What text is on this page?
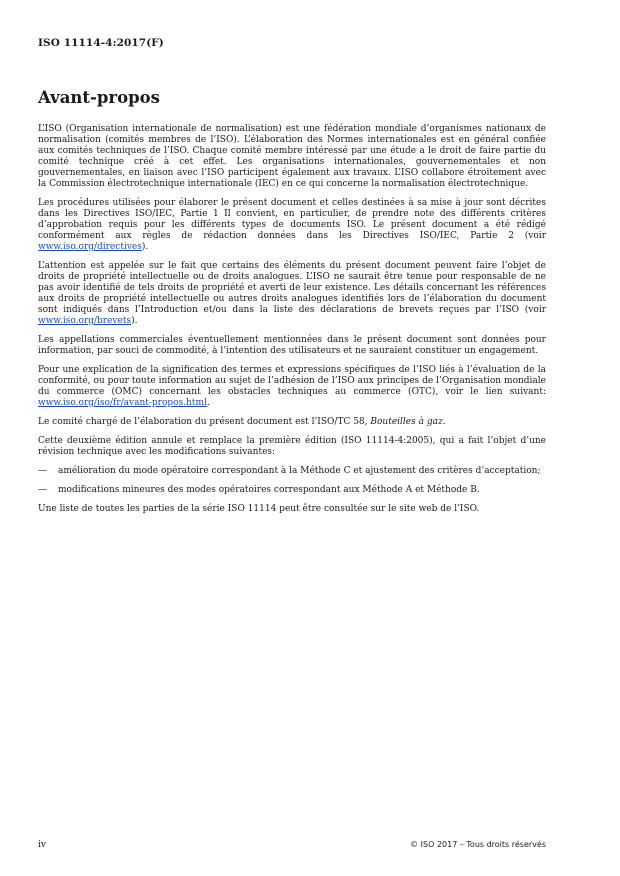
ISO 11114-4:2017(F)
Avant-propos

L’ISO (Organisation internationale de normalisation) est une fédération mondiale d’organismes nationaux de normalisation (comités membres de l’ISO). L’élaboration des Normes internationales est en général confiée aux comités techniques de l’ISO. Chaque comité membre intéressé par une étude a le droit de faire partie du comité technique créé à cet effet. Les organisations internationales, gouvernementales et non gouvernementales, en liaison avec l’ISO participent également aux travaux. L’ISO collabore étroitement avec la Commission électrotechnique internationale (IEC) en ce qui concerne la normalisation électrotechnique.

Les procédures utilisées pour élaborer le présent document et celles destinées à sa mise à jour sont décrites dans les Directives ISO/IEC, Partie 1 Il convient, en particulier, de prendre note des différents critères d’approbation requis pour les différents types de documents ISO. Le présent document a été rédigé conformément aux règles de rédaction données dans les Directives ISO/IEC, Partie 2 (voir www.iso.org/directives).

L’attention est appelée sur le fait que certains des éléments du présent document peuvent faire l’objet de droits de propriété intellectuelle ou de droits analogues. L’ISO ne saurait être tenue pour responsable de ne pas avoir identifié de tels droits de propriété et averti de leur existence. Les détails concernant les références aux droits de propriété intellectuelle ou autres droits analogues identifiés lors de l’élaboration du document sont indiqués dans l’Introduction et/ou dans la liste des déclarations de brevets reçues par l’ISO (voir www.iso.org/brevets).

Les appellations commerciales éventuellement mentionnées dans le présent document sont données pour information, par souci de commodité, à l’intention des utilisateurs et ne sauraient constituer un engagement.

Pour une explication de la signification des termes et expressions spécifiques de l’ISO liés à l’évaluation de la conformité, ou pour toute information au sujet de l’adhésion de l’ISO aux principes de l’Organisation mondiale du commerce (OMC) concernant les obstacles techniques au commerce (OTC), voir le lien suivant: www.iso.org/iso/fr/avant-propos.html.

Le comité chargé de l’élaboration du présent document est l’ISO/TC 58, Bouteilles à gaz.

Cette deuxième édition annule et remplace la première édition (ISO 11114-4:2005), qui a fait l’objet d’une révision technique avec les modifications suivantes:

—	amélioration du mode opératoire correspondant à la Méthode C et ajustement des critères d’acceptation;
—	modifications mineures des modes opératoires correspondant aux Méthode A et Méthode B.

Une liste de toutes les parties de la série ISO 11114 peut être consultée sur le site web de l’ISO.

iv	© ISO 2017 – Tous droits réservés
